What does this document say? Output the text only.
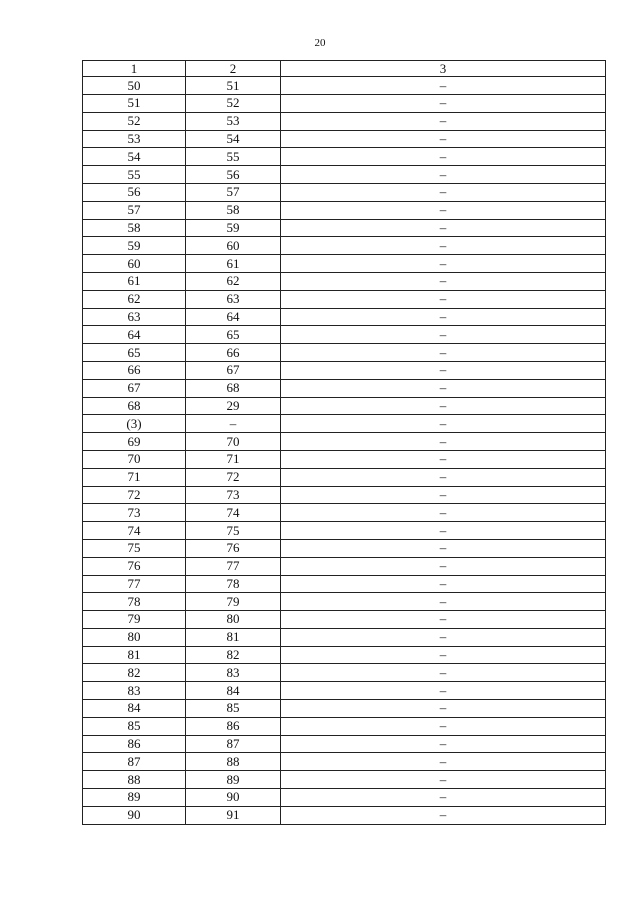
20
1	2	3
50	51	–
51	52	–
52	53	–
53	54	–
54	55	–
55	56	–
56	57	–
57	58	–
58	59	–
59	60	–
60	61	–
61	62	–
62	63	–
63	64	–
64	65	–
65	66	–
66	67	–
67	68	–
68	29	–
(3)	–	–
69	70	–
70	71	–
71	72	–
72	73	–
73	74	–
74	75	–
75	76	–
76	77	–
77	78	–
78	79	–
79	80	–
80	81	–
81	82	–
82	83	–
83	84	–
84	85	–
85	86	–
86	87	–
87	88	–
88	89	–
89	90	–
90	91	–
